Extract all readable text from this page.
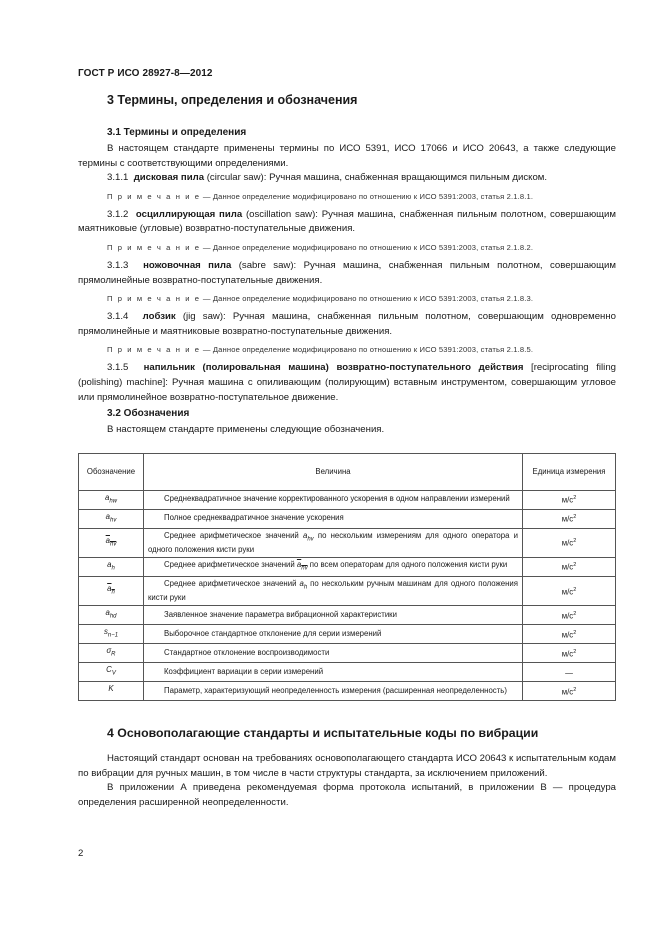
ГОСТ Р ИСО 28927-8—2012
3 Термины, определения и обозначения
3.1 Термины и определения

В настоящем стандарте применены термины по ИСО 5391, ИСО 17066 и ИСО 20643, а также следующие термины с соответствующими определениями.

3.1.1 дисковая пила (circular saw): Ручная машина, снабженная вращающимся пильным диском.

П р и м е ч а н и е — Данное определение модифицировано по отношению к ИСО 5391:2003, статья 2.1.8.1.

3.1.2 осциллирующая пила (oscillation saw): Ручная машина, снабженная пильным полотном, совершающим маятниковые (угловые) возвратно-поступательные движения.

П р и м е ч а н и е — Данное определение модифицировано по отношению к ИСО 5391:2003, статья 2.1.8.2.

3.1.3 ножовочная пила (sabre saw): Ручная машина, снабженная пильным полотном, совершающим прямолинейные возвратно-поступательные движения.

П р и м е ч а н и е — Данное определение модифицировано по отношению к ИСО 5391:2003, статья 2.1.8.3.

3.1.4 лобзик (jig saw): Ручная машина, снабженная пильным полотном, совершающим одновременно прямолинейные и маятниковые возвратно-поступательные движения.

П р и м е ч а н и е — Данное определение модифицировано по отношению к ИСО 5391:2003, статья 2.1.8.5.

3.1.5 напильник (полировальная машина) возвратно-поступательного действия [reciprocating filing (polishing) machine]: Ручная машина с опиливающим (полирующим) вставным инструментом, совершающим угловое или прямолинейное возвратно-поступательное движение.

3.2 Обозначения

В настоящем стандарте применены следующие обозначения.

Обозначение	Величина	Единица измерения
$a_{hw}$	Среднеквадратичное значение корректированного ускорения в одном направлении измерений	$м/с^2$
$a_{hv}$	Полное среднеквадратичное значение ускорения	$м/с^2$
$\overline{a}_{\overline{hv}}$	Среднее арифметическое значений $a_{hv}$ по нескольким измерениям для одного оператора и одного положения кисти руки	$м/с^2$
$a_h$	Среднее арифметическое значений $\overline{a}_{\overline{hv}}$ по всем операторам для одного положения кисти руки	$м/с^2$
$\overline{a}_{\overline{h}}$	Среднее арифметическое значений $a_h$ по нескольким ручным машинам для одного положения кисти руки	$м/с^2$
$a_{hd}$	Заявленное значение параметра вибрационной характеристики	$м/с^2$
$s_{n-1}$	Выборочное стандартное отклонение для серии измерений	$м/с^2$
$\sigma_R$	Стандартное отклонение воспроизводимости	$м/с^2$
$C_V$	Коэффициент вариации в серии измерений	—
K	Параметр, характеризующий неопределенность измерения (расширенная неопределенность)	$м/с^2$
4 Основополагающие стандарты и испытательные коды по вибрации

Настоящий стандарт основан на требованиях основополагающего стандарта ИСО 20643 к испытательным кодам по вибрации для ручных машин, в том числе в части структуры стандарта, за исключением приложений.

В приложении А приведена рекомендуемая форма протокола испытаний, в приложении В — процедура определения расширенной неопределенности.

2
